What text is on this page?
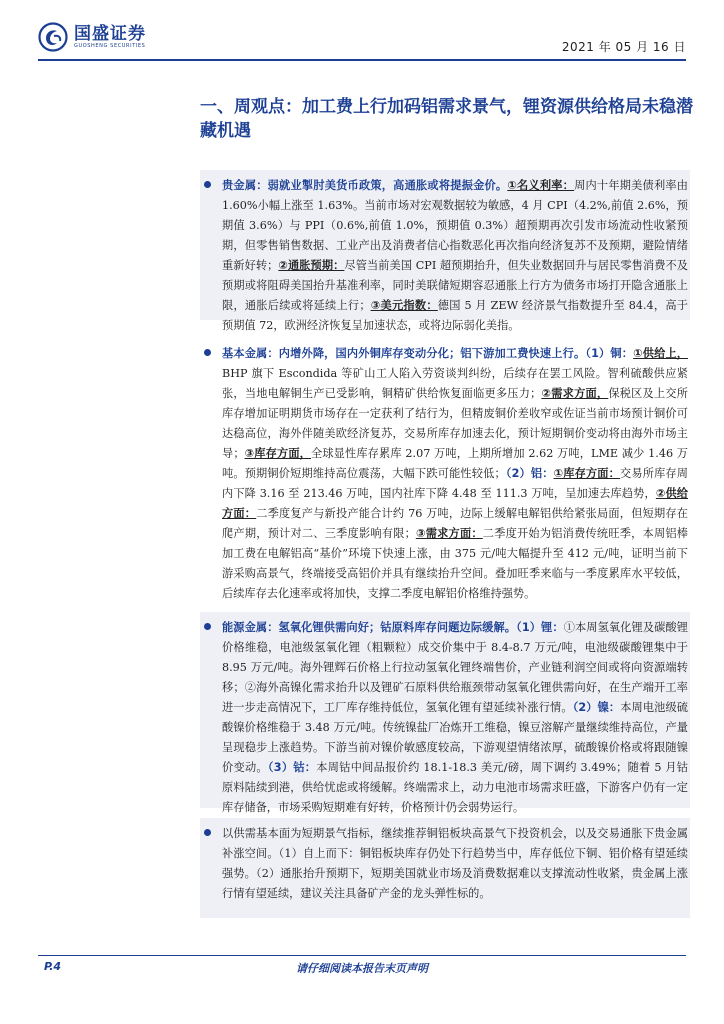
国盛证券
GUOSHENG SECURITIES	2021 年 05 月 16 日
一、周观点：加工费上行加码铝需求景气，锂资源供给格局未稳潜藏机遇

贵金属：弱就业掣肘美货币政策，高通胀或将提振金价。①名义利率：周内十年期美债利率由 1.60%小幅上涨至 1.63%。当前市场对宏观数据较为敏感，4 月 CPI（4.2%,前值 2.6%，预期值 3.6%）与 PPI（0.6%,前值 1.0%，预期值 0.3%）超预期再次引发市场流动性收紧预期，但零售销售数据、工业产出及消费者信心指数恶化再次指向经济复苏不及预期，避险情绪重新好转；②通胀预期：尽管当前美国 CPI 超预期抬升，但失业数据回升与居民零售消费不及预期或将阻碍美国抬升基准利率，同时美联储短期容忍通胀上行方为债务市场打开隐含通胀上限，通胀后续或将延续上行；③美元指数：德国 5 月 ZEW 经济景气指数提升至 84.4，高于预期值 72，欧洲经济恢复呈加速状态，或将边际弱化美指。

基本金属：内增外降，国内外铜库存变动分化；铝下游加工费快速上行。（1）铜：①供给上，BHP 旗下 Escondida 等矿山工人陷入劳资谈判纠纷，后续存在罢工风险。智利硫酸供应紧张，当地电解铜生产已受影响，铜精矿供给恢复面临更多压力；②需求方面，保税区及上交所库存增加证明期货市场存在一定获利了结行为，但精废铜价差收窄或佐证当前市场预计铜价可达稳高位，海外伴随美欧经济复苏，交易所库存加速去化，预计短期铜价变动将由海外市场主导；③库存方面，全球显性库存累库 2.07 万吨，上期所增加 2.62 万吨，LME 减少 1.46 万吨。预期铜价短期维持高位震荡，大幅下跌可能性较低；（2）铝：①库存方面：交易所库存周内下降 3.16 至 213.46 万吨，国内社库下降 4.48 至 111.3 万吨，呈加速去库趋势，②供给方面：二季度复产与新投产能合计约 76 万吨，边际上缓解电解铝供给紧张局面，但短期存在爬产期，预计对二、三季度影响有限；③需求方面：二季度开始为铝消费传统旺季，本周铝棒加工费在电解铝高“基价”环境下快速上涨，由 375 元/吨大幅提升至 412 元/吨，证明当前下游采购高景气，终端接受高铝价并具有继续抬升空间。叠加旺季来临与一季度累库水平较低，后续库存去化速率或将加快，支撑二季度电解铝价格维持强势。

能源金属：氢氧化锂供需向好；钴原料库存问题边际缓解。（1）锂：①本周氢氧化锂及碳酸锂价格维稳，电池级氢氧化锂（粗颗粒）成交价集中于 8.4-8.7 万元/吨，电池级碳酸锂集中于 8.95 万元/吨。海外锂辉石价格上行拉动氢氧化锂终端售价，产业链利润空间或将向资源端转移；②海外高镍化需求抬升以及锂矿石原料供给瓶颈带动氢氧化锂供需向好，在生产端开工率进一步走高情况下，工厂库存维持低位，氢氧化锂有望延续补涨行情。（2）镍：本周电池级硫酸镍价格维稳于 3.48 万元/吨。传统镍盐厂冶炼开工维稳，镍豆溶解产量继续维持高位，产量呈现稳步上涨趋势。下游当前对镍价敏感度较高，下游观望情绪浓厚，硫酸镍价格或将跟随镍价变动。（3）钴：本周钴中间品报价约 18.1-18.3 美元/磅，周下调约 3.49%；随着 5 月钴原料陆续到港，供给忧虑或将缓解。终端需求上，动力电池市场需求旺盛，下游客户仍有一定库存储备，市场采购短期难有好转，价格预计仍会弱势运行。

以供需基本面为短期景气指标，继续推荐铜铝板块高景气下投资机会，以及交易通胀下贵金属补涨空间。（1）自上而下：铜铝板块库存仍处下行趋势当中，库存低位下铜、铝价格有望延续强势。（2）通胀抬升预期下，短期美国就业市场及消费数据难以支撑流动性收紧，贵金属上涨行情有望延续，建议关注具备矿产金的龙头弹性标的。

P.4	请仔细阅读本报告末页声明
